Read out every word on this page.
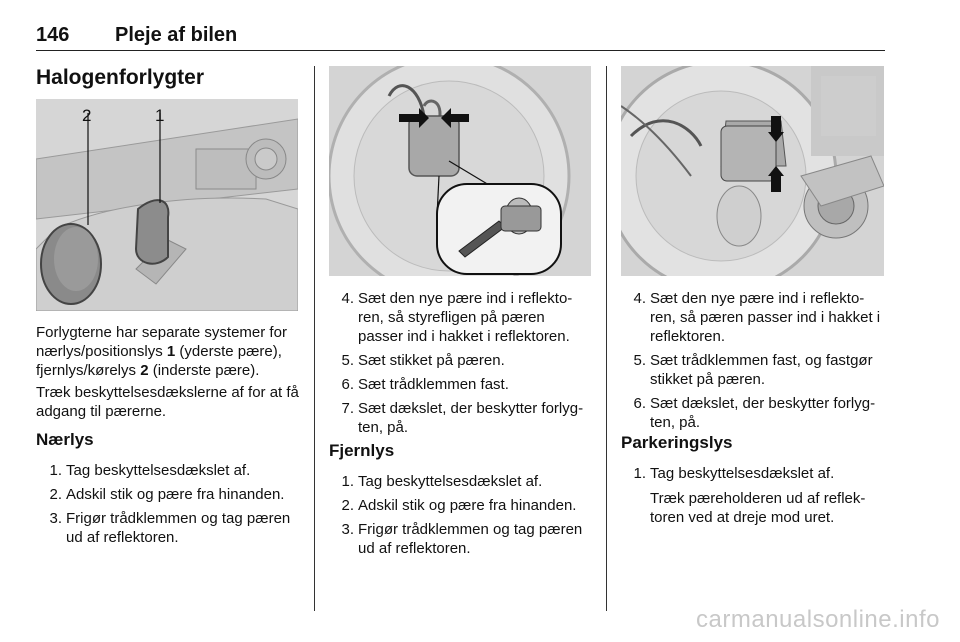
146 Pleje af bilen
Halogenforlygter
2	1

Forlygterne har separate systemer for nærlys/positionslys 1 (yderste pære), fjernlys/kørelys 2 (inderste pære).

Træk beskyttelsesdækslerne af for at få adgang til pærerne.

Nærlys
1. Tag beskyttelsesdækslet af.
2. Adskil stik og pære fra hinanden.
3. Frigør trådklemmen og tag pæren ud af reflektoren.
4. Sæt den nye pære ind i reflekto-ren, så styrefligen på pæren passer ind i hakket i reflektoren.
5. Sæt stikket på pæren.
6. Sæt trådklemmen fast.
7. Sæt dækslet, der beskytter forlyg-ten, på.
Fjernlys
1. Tag beskyttelsesdækslet af.
2. Adskil stik og pære fra hinanden.
3. Frigør trådklemmen og tag pæren ud af reflektoren.
4. Sæt den nye pære ind i reflekto-ren, så pæren passer ind i hakket i reflektoren.
5. Sæt trådklemmen fast, og fastgør stikket på pæren.
6. Sæt dækslet, der beskytter forlyg-ten, på.
Parkeringslys
1. Tag beskyttelsesdækslet af.

Træk pæreholderen ud af reflek-toren ved at dreje mod uret.

carmanualsonline.info
